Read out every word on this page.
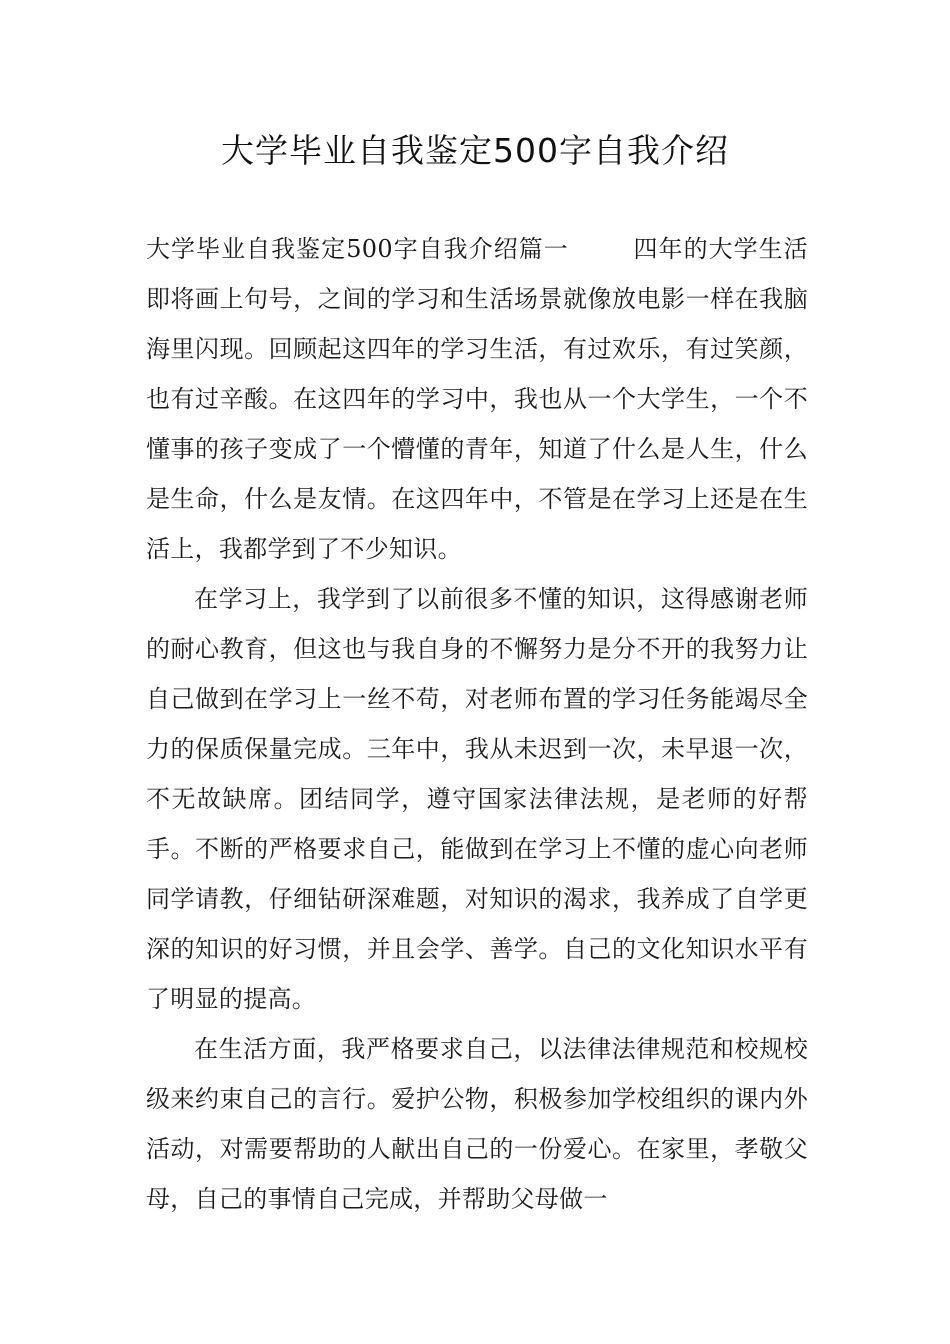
大学毕业自我鉴定500字自我介绍

大学毕业自我鉴定500字自我介绍篇一	四年的大学生活即将画上句号，之间的学习和生活场景就像放电影一样在我脑海里闪现。回顾起这四年的学习生活，有过欢乐，有过笑颜，也有过辛酸。在这四年的学习中，我也从一个大学生，一个不懂事的孩子变成了一个懵懂的青年，知道了什么是人生，什么是生命，什么是友情。在这四年中，不管是在学习上还是在生活上，我都学到了不少知识。

在学习上，我学到了以前很多不懂的知识，这得感谢老师的耐心教育，但这也与我自身的不懈努力是分不开的我努力让自己做到在学习上一丝不苟，对老师布置的学习任务能竭尽全力的保质保量完成。三年中，我从未迟到一次，未早退一次，不无故缺席。团结同学，遵守国家法律法规，是老师的好帮手。不断的严格要求自己，能做到在学习上不懂的虚心向老师同学请教，仔细钻研深难题，对知识的渴求，我养成了自学更深的知识的好习惯，并且会学、善学。自己的文化知识水平有了明显的提高。

在生活方面，我严格要求自己，以法律法律规范和校规校级来约束自己的言行。爱护公物，积极参加学校组织的课内外活动，对需要帮助的人献出自己的一份爱心。在家里，孝敬父母，自己的事情自己完成，并帮助父母做一
